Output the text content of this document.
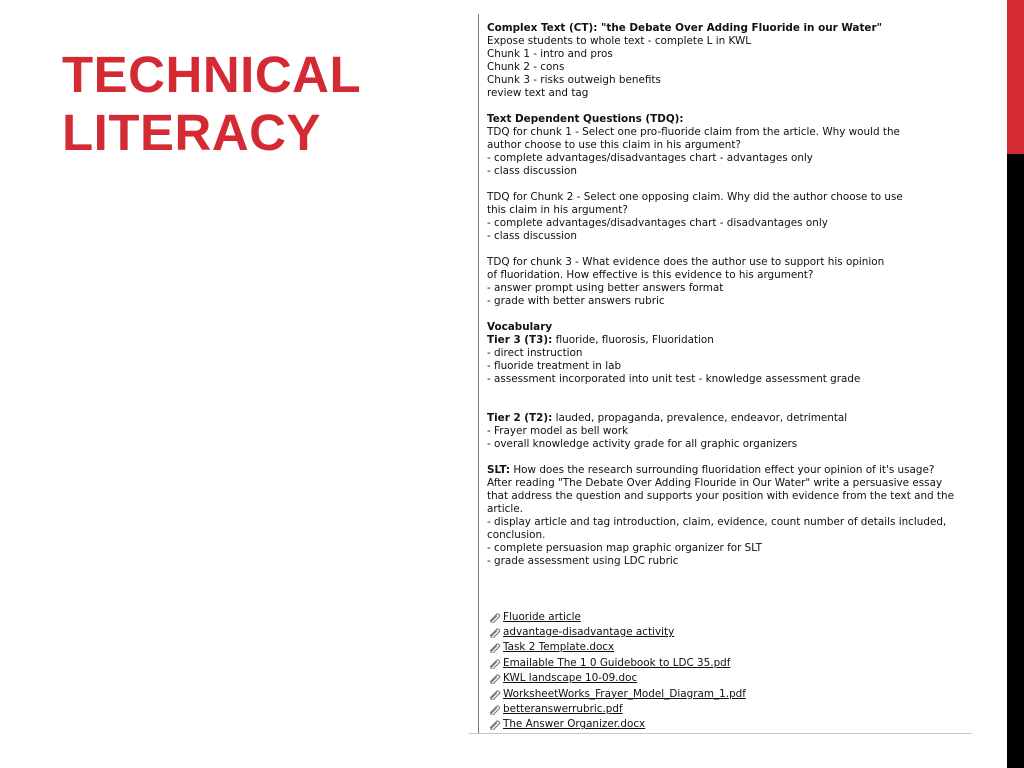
TECHNICAL
LITERACY
Complex Text (CT): "the Debate Over Adding Fluoride in our Water"
Expose students to whole text - complete L in KWL
Chunk 1 - intro and pros
Chunk 2 - cons
Chunk 3 - risks outweigh benefits
review text and tag
Text Dependent Questions (TDQ):
TDQ for chunk 1 - Select one pro-fluoride claim from the article. Why would the
author choose to use this claim in his argument?
- complete advantages/disadvantages chart - advantages only
- class discussion
TDQ for Chunk 2 - Select one opposing claim. Why did the author choose to use
this claim in his argument?
- complete advantages/disadvantages chart - disadvantages only
- class discussion
TDQ for chunk 3 - What evidence does the author use to support his opinion
of fluoridation. How effective is this evidence to his argument?
- answer prompt using better answers format
- grade with better answers rubric
Vocabulary
Tier 3 (T3): fluoride, fluorosis, Fluoridation
- direct instruction
- fluoride treatment in lab
- assessment incorporated into unit test - knowledge assessment grade
Tier 2 (T2): lauded, propaganda, prevalence, endeavor, detrimental
- Frayer model as bell work
- overall knowledge activity grade for all graphic organizers
SLT: How does the research surrounding fluoridation effect your opinion of it's usage?
After reading "The Debate Over Adding Flouride in Our Water" write a persuasive essay
that address the question and supports your position with evidence from the text and the
article.
- display article and tag introduction, claim, evidence, count number of details included,
conclusion.
- complete persuasion map graphic organizer for SLT
- grade assessment using LDC rubric
Fluoride article
advantage-disadvantage activity
Task 2 Template.docx
Emailable The 1 0 Guidebook to LDC 35.pdf
KWL landscape 10-09.doc
WorksheetWorks_Frayer_Model_Diagram_1.pdf
betteranswerrubric.pdf
The Answer Organizer.docx
